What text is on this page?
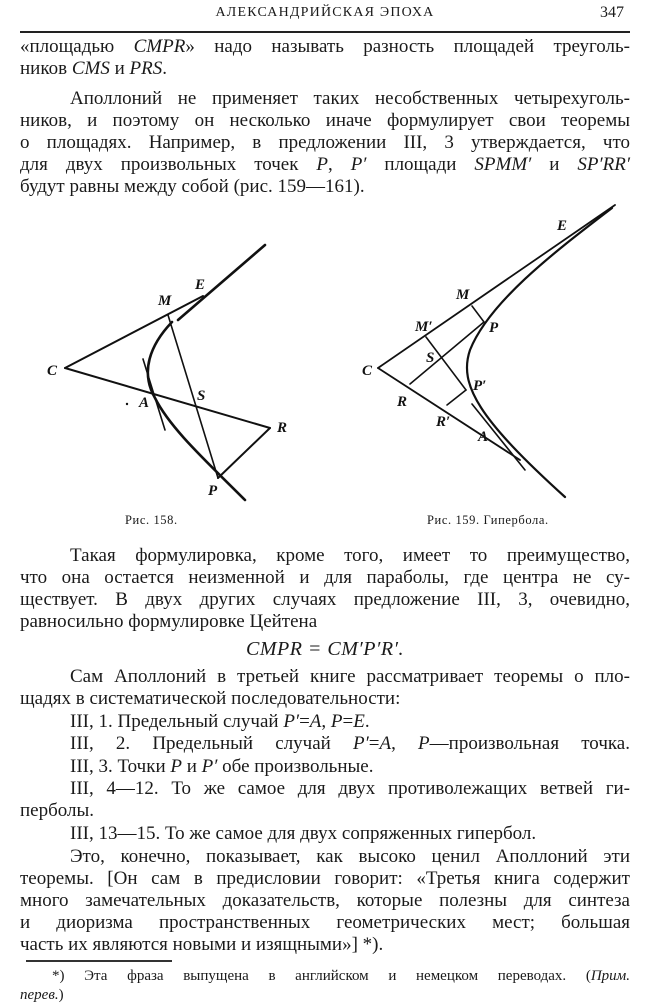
АЛЕКСАНДРИЙСКАЯ ЭПОХА	347
«площадью CMPR» надо называть разность площадей треуголь-
ников CMS и PRS.
Аполлоний не применяет таких несобственных четырехуголь-
ников, и поэтому он несколько иначе формулирует свои теоремы
о площадях. Например, в предложении III, 3 утверждается, что
для двух произвольных точек P, P′ площади SPMM′ и SP′RR′
будут равны между собой (рис. 159—161).
C
M
E
A	S
R
P
Рис. 158.
E
M
M′	P
C
S
P′
R
R′
A
Рис. 159. Гипербола.
Такая формулировка, кроме того, имеет то преимущество,
что она остается неизменной и для параболы, где центра не су-
ществует. В двух других случаях предложение III, 3, очевидно,
равносильно формулировке Цейтена
CMPR = CM′P′R′.
Сам Аполлоний в третьей книге рассматривает теоремы о пло-
щадях в систематической последовательности:
III, 1. Предельный случай P′=A, P=E.
III, 2. Предельный случай P′=A, P—произвольная точка.
III, 3. Точки P и P′ обе произвольные.
III, 4—12. То же самое для двух противолежащих ветвей ги-
перболы.
III, 13—15. То же самое для двух сопряженных гипербол.
Это, конечно, показывает, как высоко ценил Аполлоний эти
теоремы. [Он сам в предисловии говорит: «Третья книга содержит
много замечательных доказательств, которые полезны для синтеза
и диоризма пространственных геометрических мест; большая
часть их являются новыми и изящными»] *).
*) Эта фраза выпущена в английском и немецком переводах. (Прим.
перев.)
